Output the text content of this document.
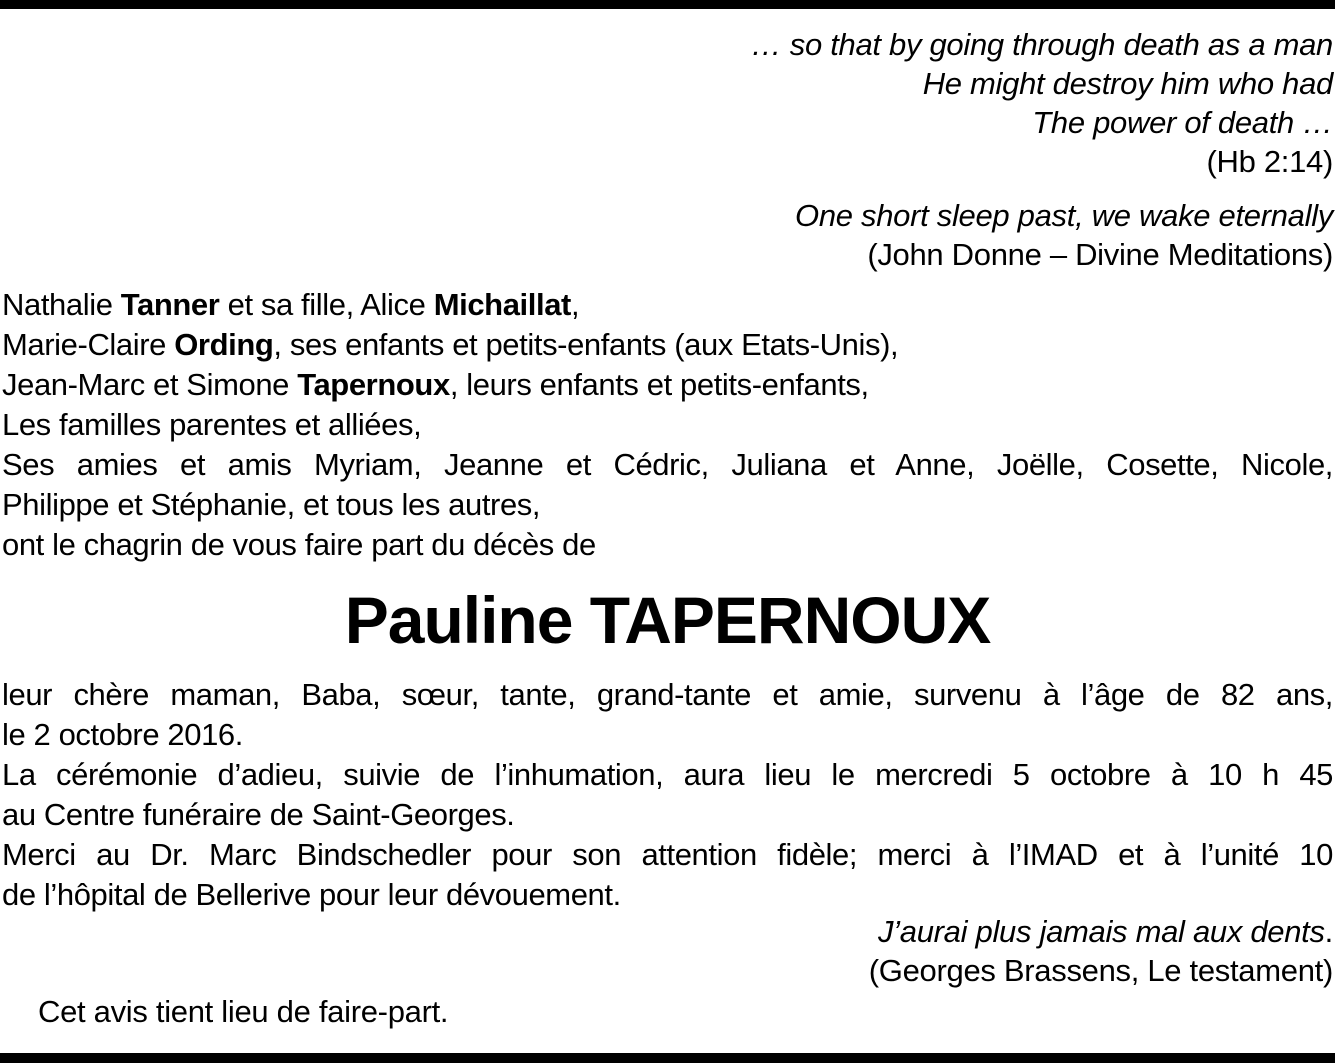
… so that by going through death as a man
He might destroy him who had
The power of death …
(Hb 2:14)
One short sleep past, we wake eternally
(John Donne – Divine Meditations)
Nathalie Tanner et sa fille, Alice Michaillat,
Marie-Claire Ording, ses enfants et petits-enfants (aux Etats-Unis),
Jean-Marc et Simone Tapernoux, leurs enfants et petits-enfants,
Les familles parentes et alliées,
Ses amies et amis Myriam, Jeanne et Cédric, Juliana et Anne, Joëlle, Cosette, Nicole,
Philippe et Stéphanie, et tous les autres,
ont le chagrin de vous faire part du décès de
Pauline TAPERNOUX
leur chère maman, Baba, sœur, tante, grand-tante et amie, survenu à l’âge de 82 ans,
le 2 octobre 2016.
La cérémonie d’adieu, suivie de l’inhumation, aura lieu le mercredi 5 octobre à 10 h 45
au Centre funéraire de Saint-Georges.
Merci au Dr. Marc Bindschedler pour son attention fidèle; merci à l’IMAD et à l’unité 10
de l’hôpital de Bellerive pour leur dévouement.
J’aurai plus jamais mal aux dents.
(Georges Brassens, Le testament)
Cet avis tient lieu de faire-part.
